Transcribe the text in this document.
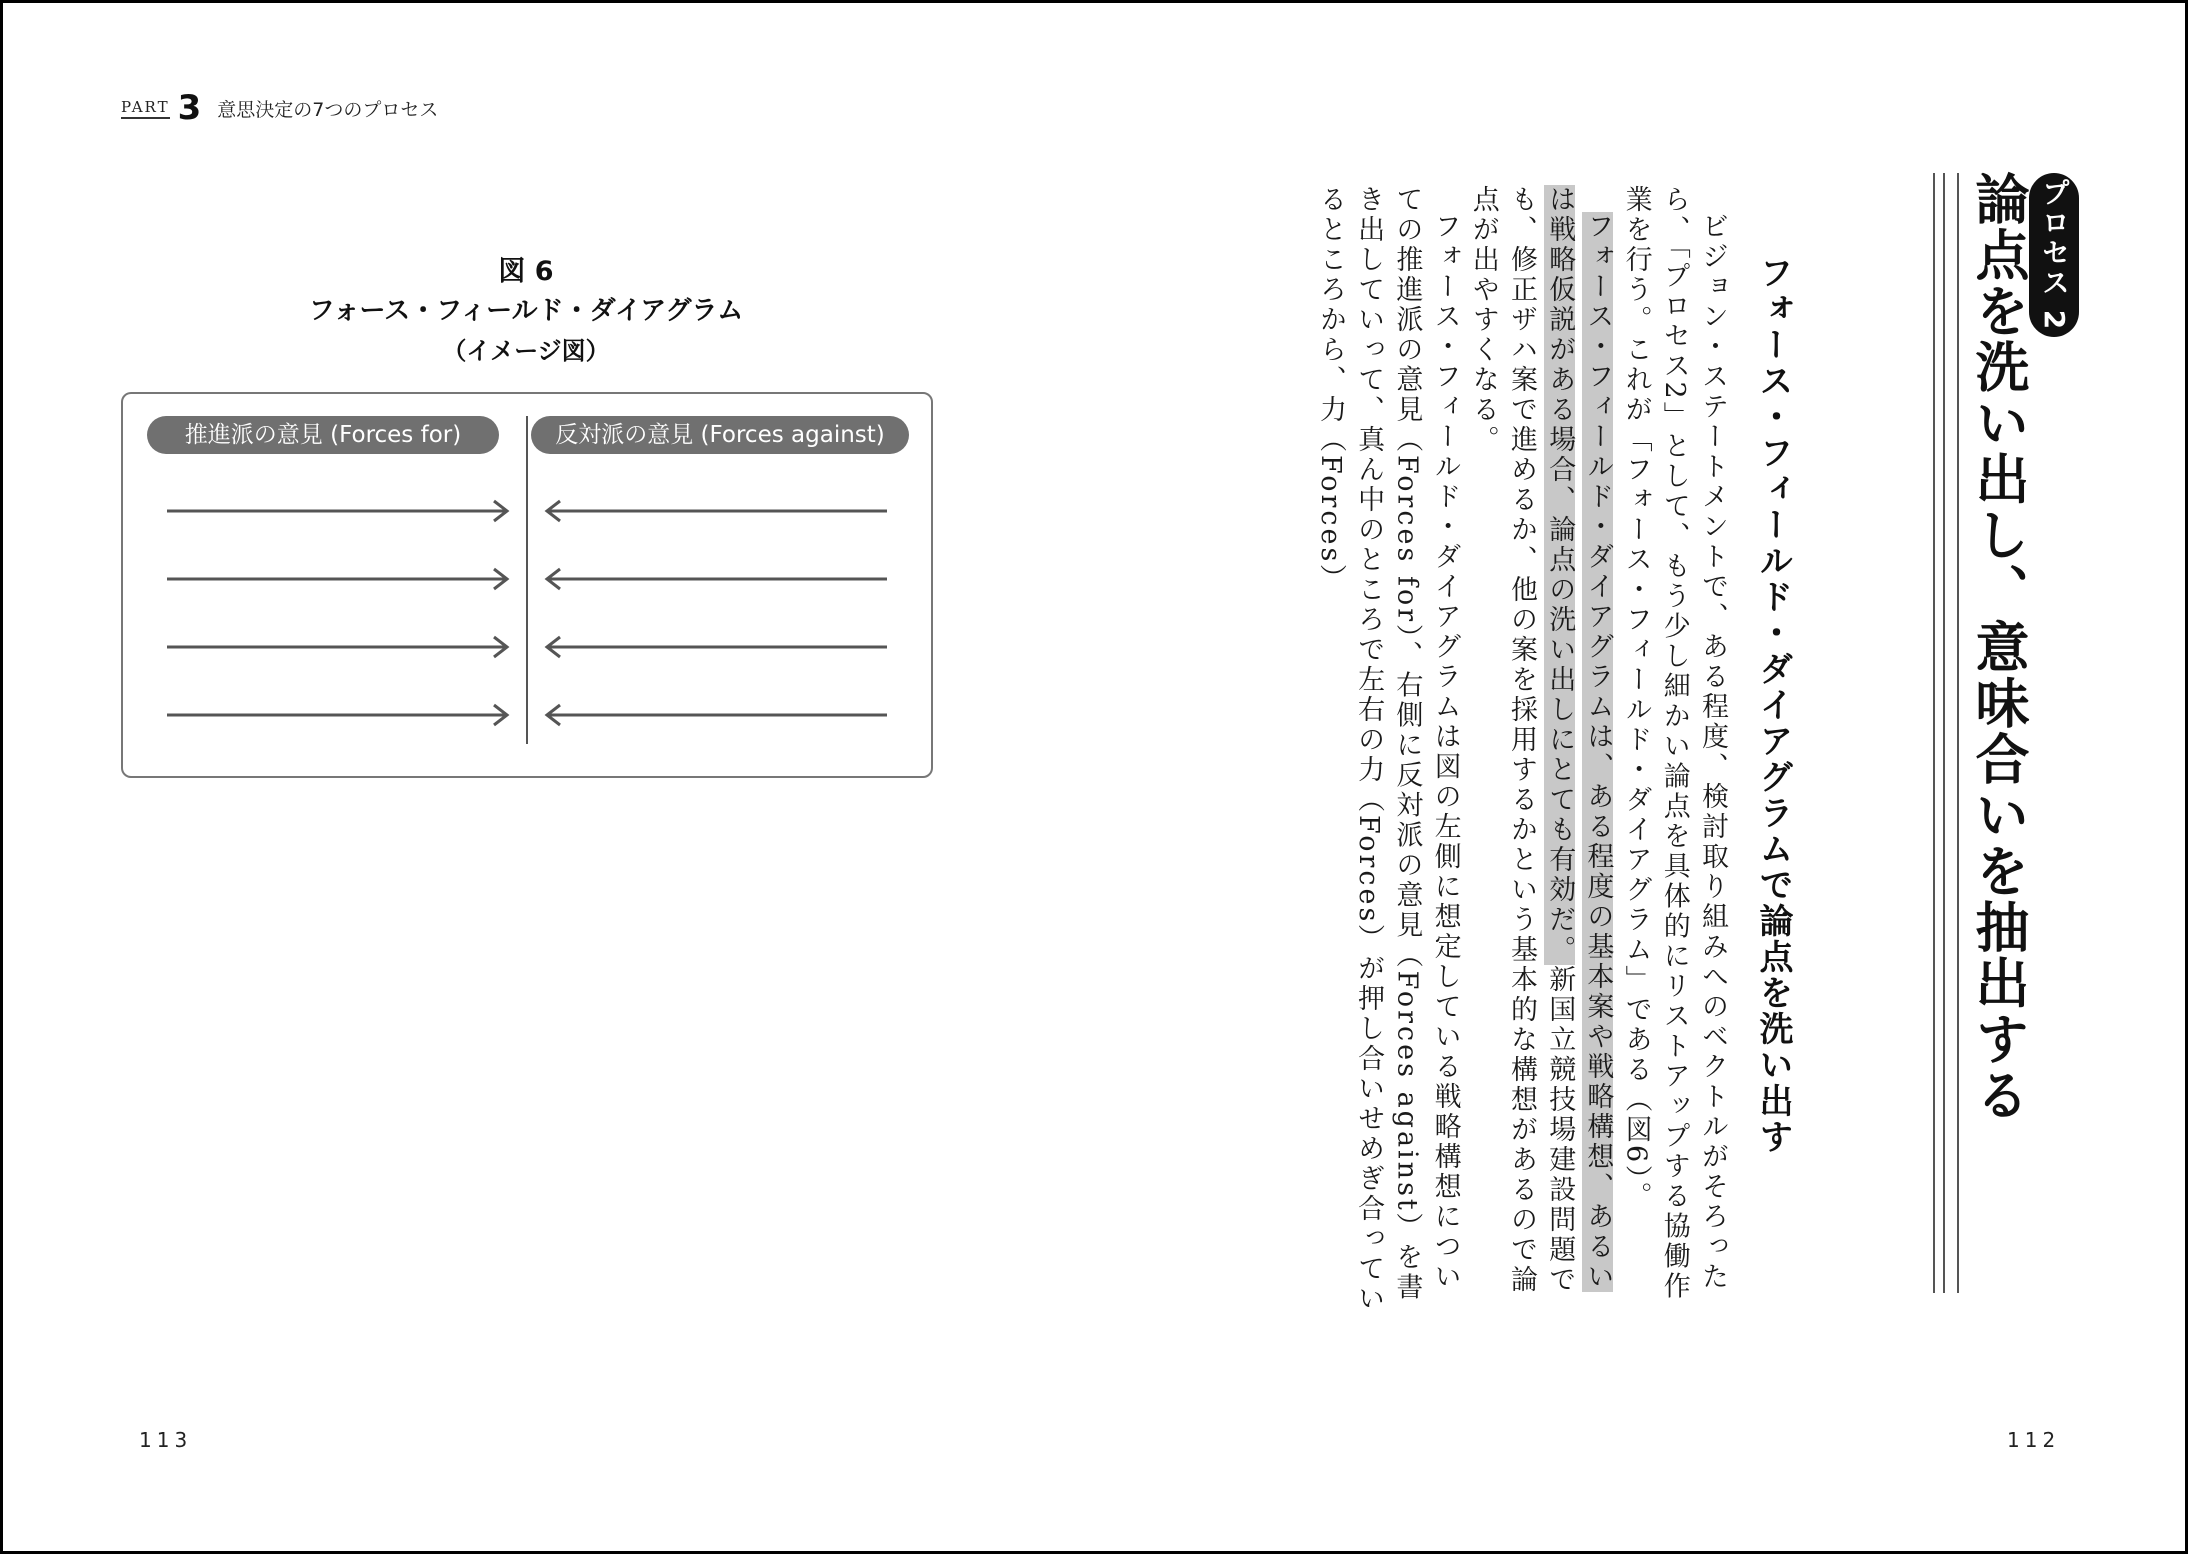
PART 3 意思決定の7つのプロセス
図 6
フォース・フィールド・ダイアグラム
（イメージ図）
推進派の意見 (Forces for)	反対派の意見 (Forces against)
113
プロセス 2
論点を洗い出し、意味合いを抽出する
フォース・フィールド・ダイアグラムで論点を洗い出す

ビジョン・ステートメントで、ある程度、検討取り組みへのベクトルがそろったら、「プロセス2」として、もう少し細かい論点を具体的にリストアップする協働作業を行う。これが「フォース・フィールド・ダイアグラム」である（図6）。

フォース・フィールド・ダイアグラムは、ある程度の基本案や戦略構想、あるいは戦略仮説がある場合、論点の洗い出しにとても有効だ。新国立競技場建設問題でも、修正ザハ案で進めるか、他の案を採用するかという基本的な構想があるので論点が出やすくなる。

フォース・フィールド・ダイアグラムは図の左側に想定している戦略構想についての推進派の意見（Forces for）、右側に反対派の意見（Forces against）を書き出していって、真ん中のところで左右の力（Forces）が押し合いせめぎ合っているところから、力（Forces）

112
